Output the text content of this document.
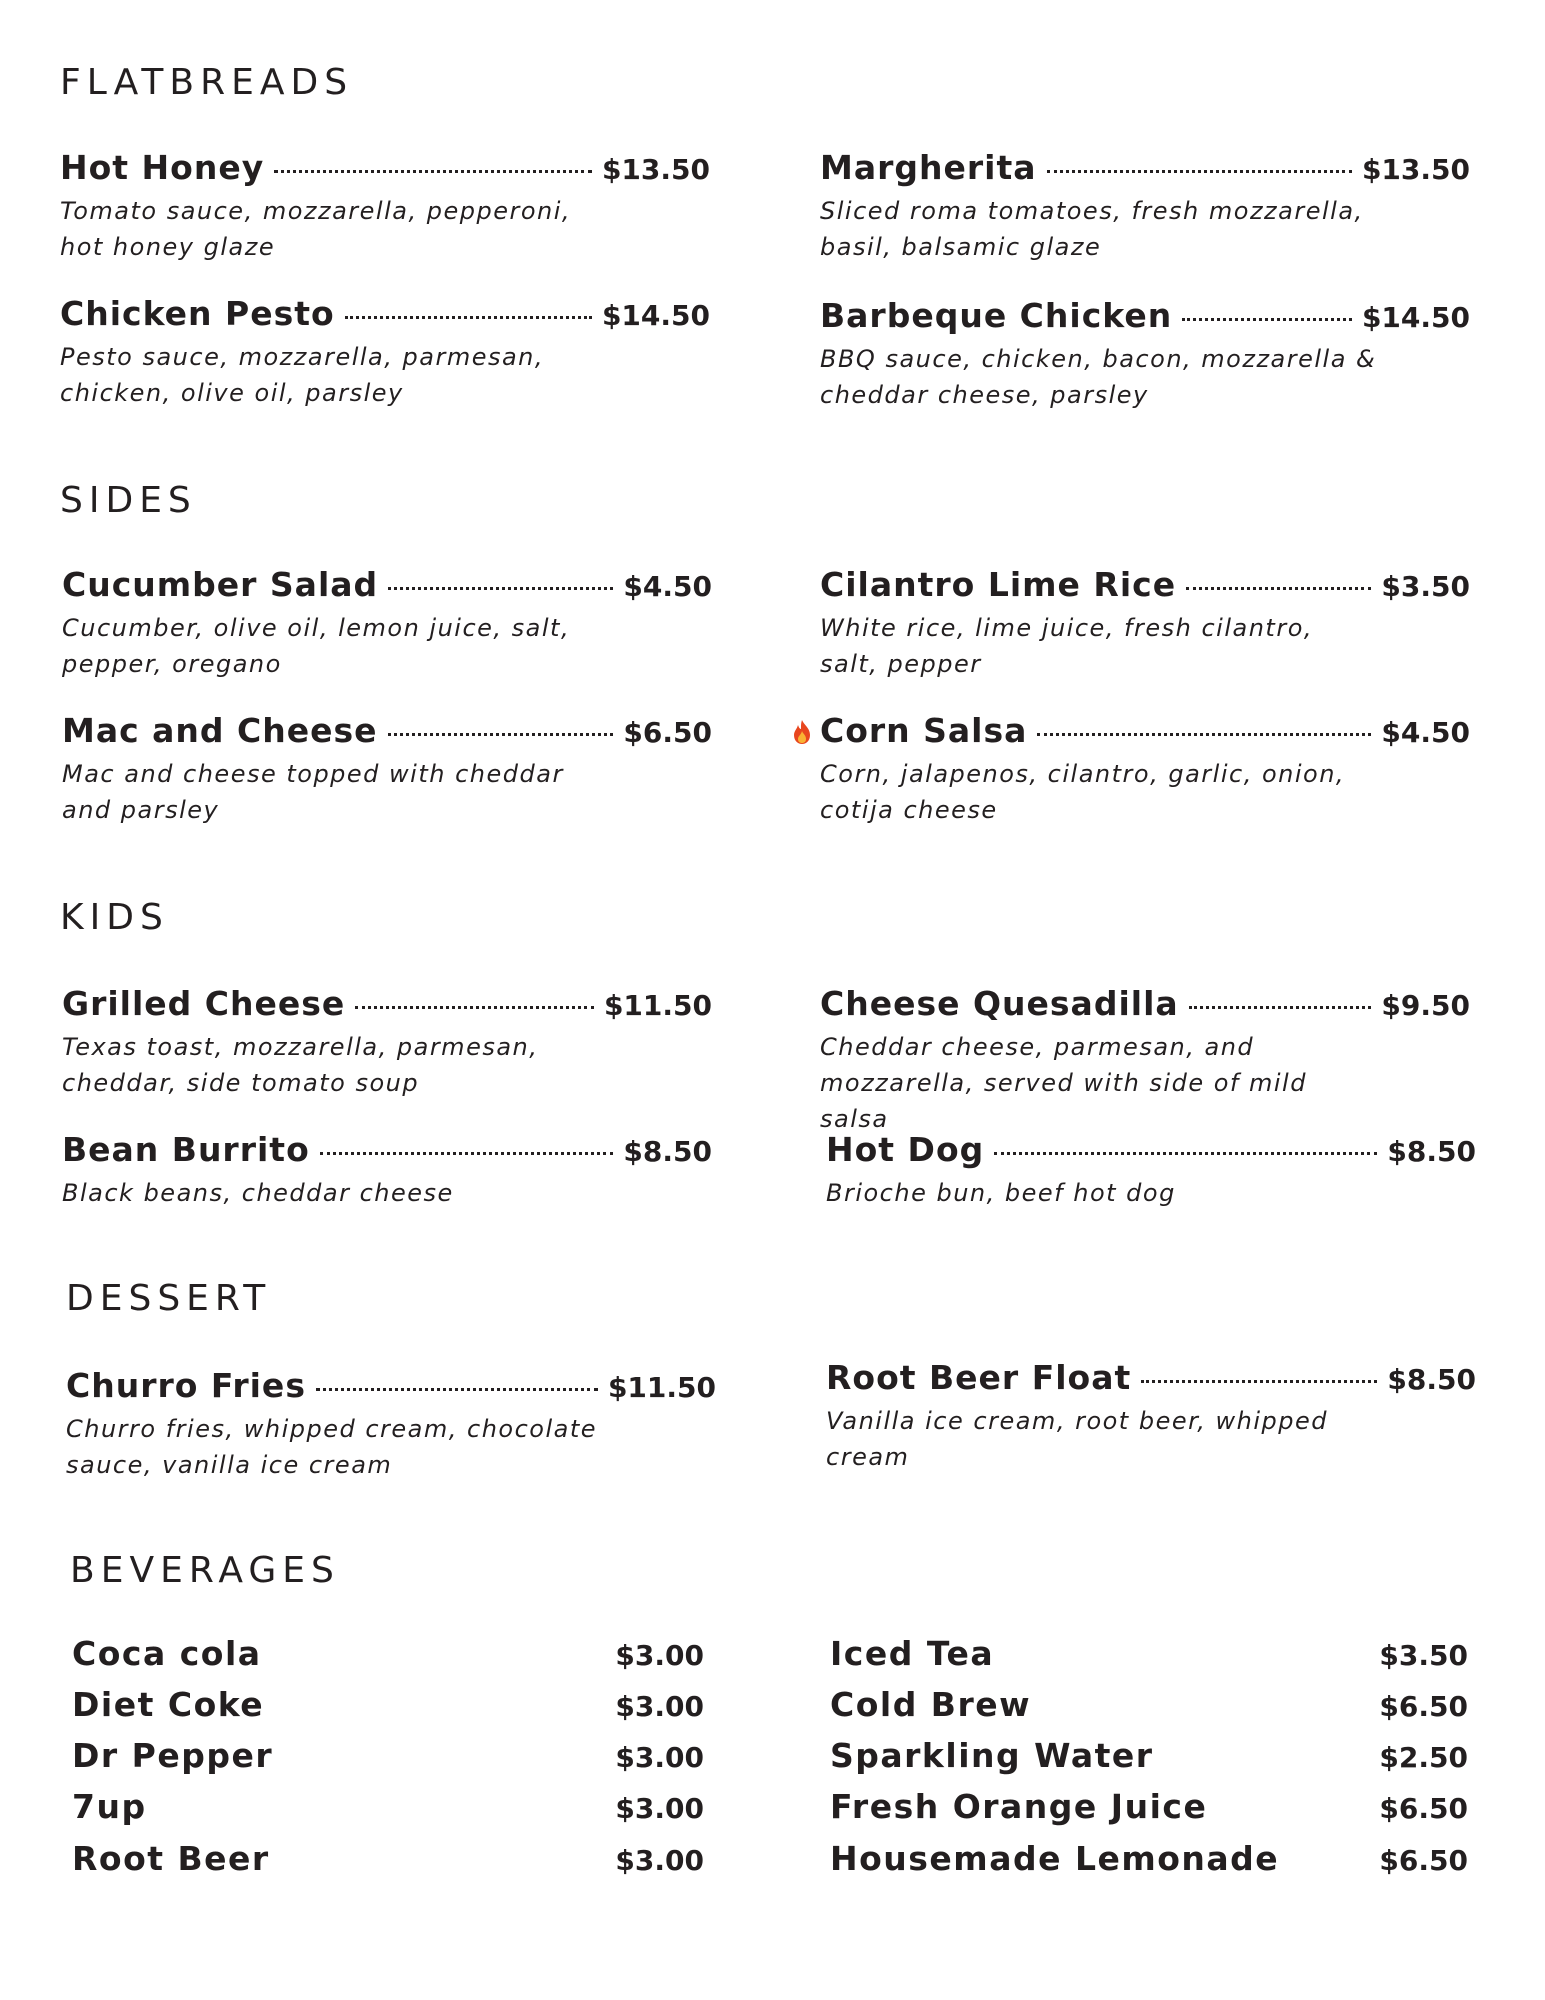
FLATBREADS
Hot Honey	$13.50
Tomato sauce, mozzarella, pepperoni, hot honey glaze
Margherita	$13.50
Sliced roma tomatoes, fresh mozzarella, basil, balsamic glaze
Chicken Pesto	$14.50
Pesto sauce, mozzarella, parmesan, chicken, olive oil, parsley
Barbeque Chicken	$14.50
BBQ sauce, chicken, bacon, mozzarella & cheddar cheese, parsley
SIDES
Cucumber Salad	$4.50
Cucumber, olive oil, lemon juice, salt, pepper, oregano
Cilantro Lime Rice	$3.50
White rice, lime juice, fresh cilantro, salt, pepper
Mac and Cheese	$6.50
Mac and cheese topped with cheddar and parsley
Corn Salsa	$4.50
Corn, jalapenos, cilantro, garlic, onion, cotija cheese
KIDS
Grilled Cheese	$11.50
Texas toast, mozzarella, parmesan, cheddar, side tomato soup
Cheese Quesadilla	$9.50
Cheddar cheese, parmesan, and mozzarella, served with side of mild salsa
Bean Burrito	$8.50
Black beans, cheddar cheese
Hot Dog	$8.50
Brioche bun, beef hot dog
DESSERT
Churro Fries	$11.50
Churro fries, whipped cream, chocolate sauce, vanilla ice cream
Root Beer Float	$8.50
Vanilla ice cream, root beer, whipped cream
BEVERAGES
Coca cola	$3.00
Diet Coke	$3.00
Dr Pepper	$3.00
7up	$3.00
Root Beer	$3.00
Iced Tea	$3.50
Cold Brew	$6.50
Sparkling Water	$2.50
Fresh Orange Juice	$6.50
Housemade Lemonade	$6.50
